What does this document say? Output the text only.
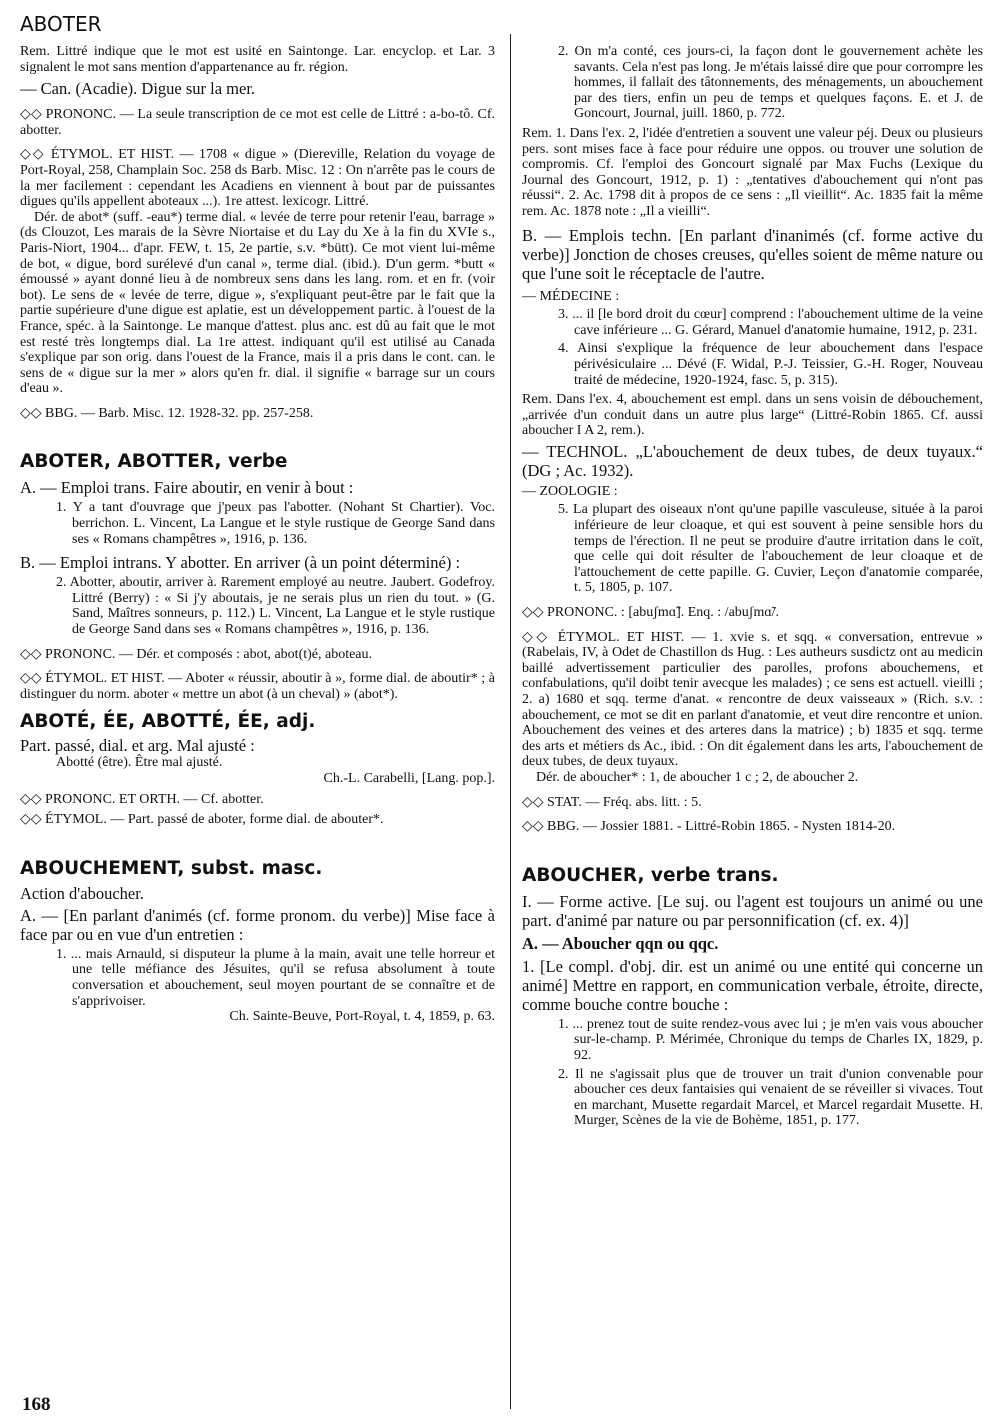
ABOTER

Rem. Littré indique que le mot est usité en Saintonge. Lar. encyclop. et Lar. 3 signalent le mot sans mention d'appartenance au fr. région.

— Can. (Acadie). Digue sur la mer.

◇◇ PRONONC. — La seule transcription de ce mot est celle de Littré : a-bo-tô. Cf. abotter.

◇◇ ÉTYMOL. ET HIST. — 1708 « digue » (Diereville, Relation du voyage de Port-Royal, 258, Champlain Soc. 258 ds Barb. Misc. 12 : On n'arrête pas le cours de la mer facilement : cependant les Acadiens en viennent à bout par de puissantes digues qu'ils appellent aboteaux ...). 1re attest. lexicogr. Littré.

Dér. de abot* (suff. -eau*) terme dial. « levée de terre pour retenir l'eau, barrage » (ds Clouzot, Les marais de la Sèvre Niortaise et du Lay du Xe à la fin du XVIe s., Paris-Niort, 1904... d'apr. FEW, t. 15, 2e partie, s.v. *bütt). Ce mot vient lui-même de bot, « digue, bord surélevé d'un canal », terme dial. (ibid.). D'un germ. *butt « émoussé » ayant donné lieu à de nombreux sens dans les lang. rom. et en fr. (voir bot). Le sens de « levée de terre, digue », s'expliquant peut-être par le fait que la partie supérieure d'une digue est aplatie, est un développement partic. à l'ouest de la France, spéc. à la Saintonge. Le manque d'attest. plus anc. est dû au fait que le mot est resté très longtemps dial. La 1re attest. indiquant qu'il est utilisé au Canada s'explique par son orig. dans l'ouest de la France, mais il a pris dans le cont. can. le sens de « digue sur la mer » alors qu'en fr. dial. il signifie « barrage sur un cours d'eau ».

◇◇ BBG. — Barb. Misc. 12. 1928-32. pp. 257-258.

ABOTER, ABOTTER, verbe

A. — Emploi trans. Faire aboutir, en venir à bout :

1. Y a tant d'ouvrage que j'peux pas l'abotter. (Nohant St Chartier). Voc. berrichon. L. Vincent, La Langue et le style rustique de George Sand dans ses « Romans champêtres », 1916, p. 136.

B. — Emploi intrans. Y abotter. En arriver (à un point déterminé) :

2. Abotter, aboutir, arriver à. Rarement employé au neutre. Jaubert. Godefroy. Littré (Berry) : « Si j'y aboutais, je ne serais plus un rien du tout. » (G. Sand, Maîtres sonneurs, p. 112.) L. Vincent, La Langue et le style rustique de George Sand dans ses « Romans champêtres », 1916, p. 136.

◇◇ PRONONC. — Dér. et composés : abot, abot(t)é, aboteau.

◇◇ ÉTYMOL. ET HIST. — Aboter « réussir, aboutir à », forme dial. de aboutir* ; à distinguer du norm. aboter « mettre un abot (à un cheval) » (abot*).

ABOTÉ, ÉE, ABOTTÉ, ÉE, adj.

Part. passé, dial. et arg. Mal ajusté :

Abotté (être). Être mal ajusté.

Ch.-L. Carabelli, [Lang. pop.].

◇◇ PRONONC. ET ORTH. — Cf. abotter.

◇◇ ÉTYMOL. — Part. passé de aboter, forme dial. de abouter*.

ABOUCHEMENT, subst. masc.

Action d'aboucher.

A. — [En parlant d'animés (cf. forme pronom. du verbe)] Mise face à face par ou en vue d'un entretien :

1. ... mais Arnauld, si disputeur la plume à la main, avait une telle horreur et une telle méfiance des Jésuites, qu'il se refusa absolument à toute conversation et abouchement, seul moyen pourtant de se connaître et de s'apprivoiser.

Ch. Sainte-Beuve, Port-Royal, t. 4, 1859, p. 63.

2. On m'a conté, ces jours-ci, la façon dont le gouvernement achète les savants. Cela n'est pas long. Je m'étais laissé dire que pour corrompre les hommes, il fallait des tâtonnements, des ménagements, un abouchement par des tiers, enfin un peu de temps et quelques façons. E. et J. de Goncourt, Journal, juill. 1860, p. 772.

Rem. 1. Dans l'ex. 2, l'idée d'entretien a souvent une valeur péj. Deux ou plusieurs pers. sont mises face à face pour réduire une oppos. ou trouver une solution de compromis. Cf. l'emploi des Goncourt signalé par Max Fuchs (Lexique du Journal des Goncourt, 1912, p. 1) : „tentatives d'abouchement qui n'ont pas réussi“. 2. Ac. 1798 dit à propos de ce sens : „Il vieillit“. Ac. 1835 fait la même rem. Ac. 1878 note : „Il a vieilli“.

B. — Emplois techn. [En parlant d'inanimés (cf. forme active du verbe)] Jonction de choses creuses, qu'elles soient de même nature ou que l'une soit le réceptacle de l'autre.

— MÉDECINE :

3. ... il [le bord droit du cœur] comprend : l'abouchement ultime de la veine cave inférieure ... G. Gérard, Manuel d'anatomie humaine, 1912, p. 231.

4. Ainsi s'explique la fréquence de leur abouchement dans l'espace périvésiculaire ... Dévé (F. Widal, P.-J. Teissier, G.-H. Roger, Nouveau traité de médecine, 1920-1924, fasc. 5, p. 315).

Rem. Dans l'ex. 4, abouchement est empl. dans un sens voisin de débouchement, „arrivée d'un conduit dans un autre plus large“ (Littré-Robin 1865. Cf. aussi aboucher I A 2, rem.).

— TECHNOL. „L'abouchement de deux tubes, de deux tuyaux.“ (DG ; Ac. 1932).

— ZOOLOGIE :

5. La plupart des oiseaux n'ont qu'une papille vasculeuse, située à la paroi inférieure de leur cloaque, et qui est souvent à peine sensible hors du temps de l'érection. Il ne peut se produire d'autre irritation dans le coït, que celle qui doit résulter de l'abouchement de leur cloaque et de l'attouchement de cette papille. G. Cuvier, Leçon d'anatomie comparée, t. 5, 1805, p. 107.

◇◇ PRONONC. : [abuʃmɑ̃]. Enq. : /abuʃmɑ̃/.

◇◇ ÉTYMOL. ET HIST. — 1. xvie s. et sqq. « conversation, entrevue » (Rabelais, IV, à Odet de Chastillon ds Hug. : Les autheurs susdictz ont au medicin baillé advertissement particulier des parolles, profons abouchemens, et confabulations, qu'il doibt tenir avecque les malades) ; ce sens est actuell. vieilli ; 2. a) 1680 et sqq. terme d'anat. « rencontre de deux vaisseaux » (Rich. s.v. : abouchement, ce mot se dit en parlant d'anatomie, et veut dire rencontre et union. Abouchement des veines et des arteres dans la matrice) ; b) 1835 et sqq. terme des arts et métiers ds Ac., ibid. : On dit également dans les arts, l'abouchement de deux tubes, de deux tuyaux.

Dér. de aboucher* : 1, de aboucher 1 c ; 2, de aboucher 2.

◇◇ STAT. — Fréq. abs. litt. : 5.

◇◇ BBG. — Jossier 1881. - Littré-Robin 1865. - Nysten 1814-20.

ABOUCHER, verbe trans.

I. — Forme active. [Le suj. ou l'agent est toujours un animé ou une part. d'animé par nature ou par personnification (cf. ex. 4)]

A. — Aboucher qqn ou qqc.

1. [Le compl. d'obj. dir. est un animé ou une entité qui concerne un animé] Mettre en rapport, en communication verbale, étroite, directe, comme bouche contre bouche :

1. ... prenez tout de suite rendez-vous avec lui ; je m'en vais vous aboucher sur-le-champ. P. Mérimée, Chronique du temps de Charles IX, 1829, p. 92.

2. Il ne s'agissait plus que de trouver un trait d'union convenable pour aboucher ces deux fantaisies qui venaient de se réveiller si vivaces. Tout en marchant, Musette regardait Marcel, et Marcel regardait Musette. H. Murger, Scènes de la vie de Bohème, 1851, p. 177.

168
